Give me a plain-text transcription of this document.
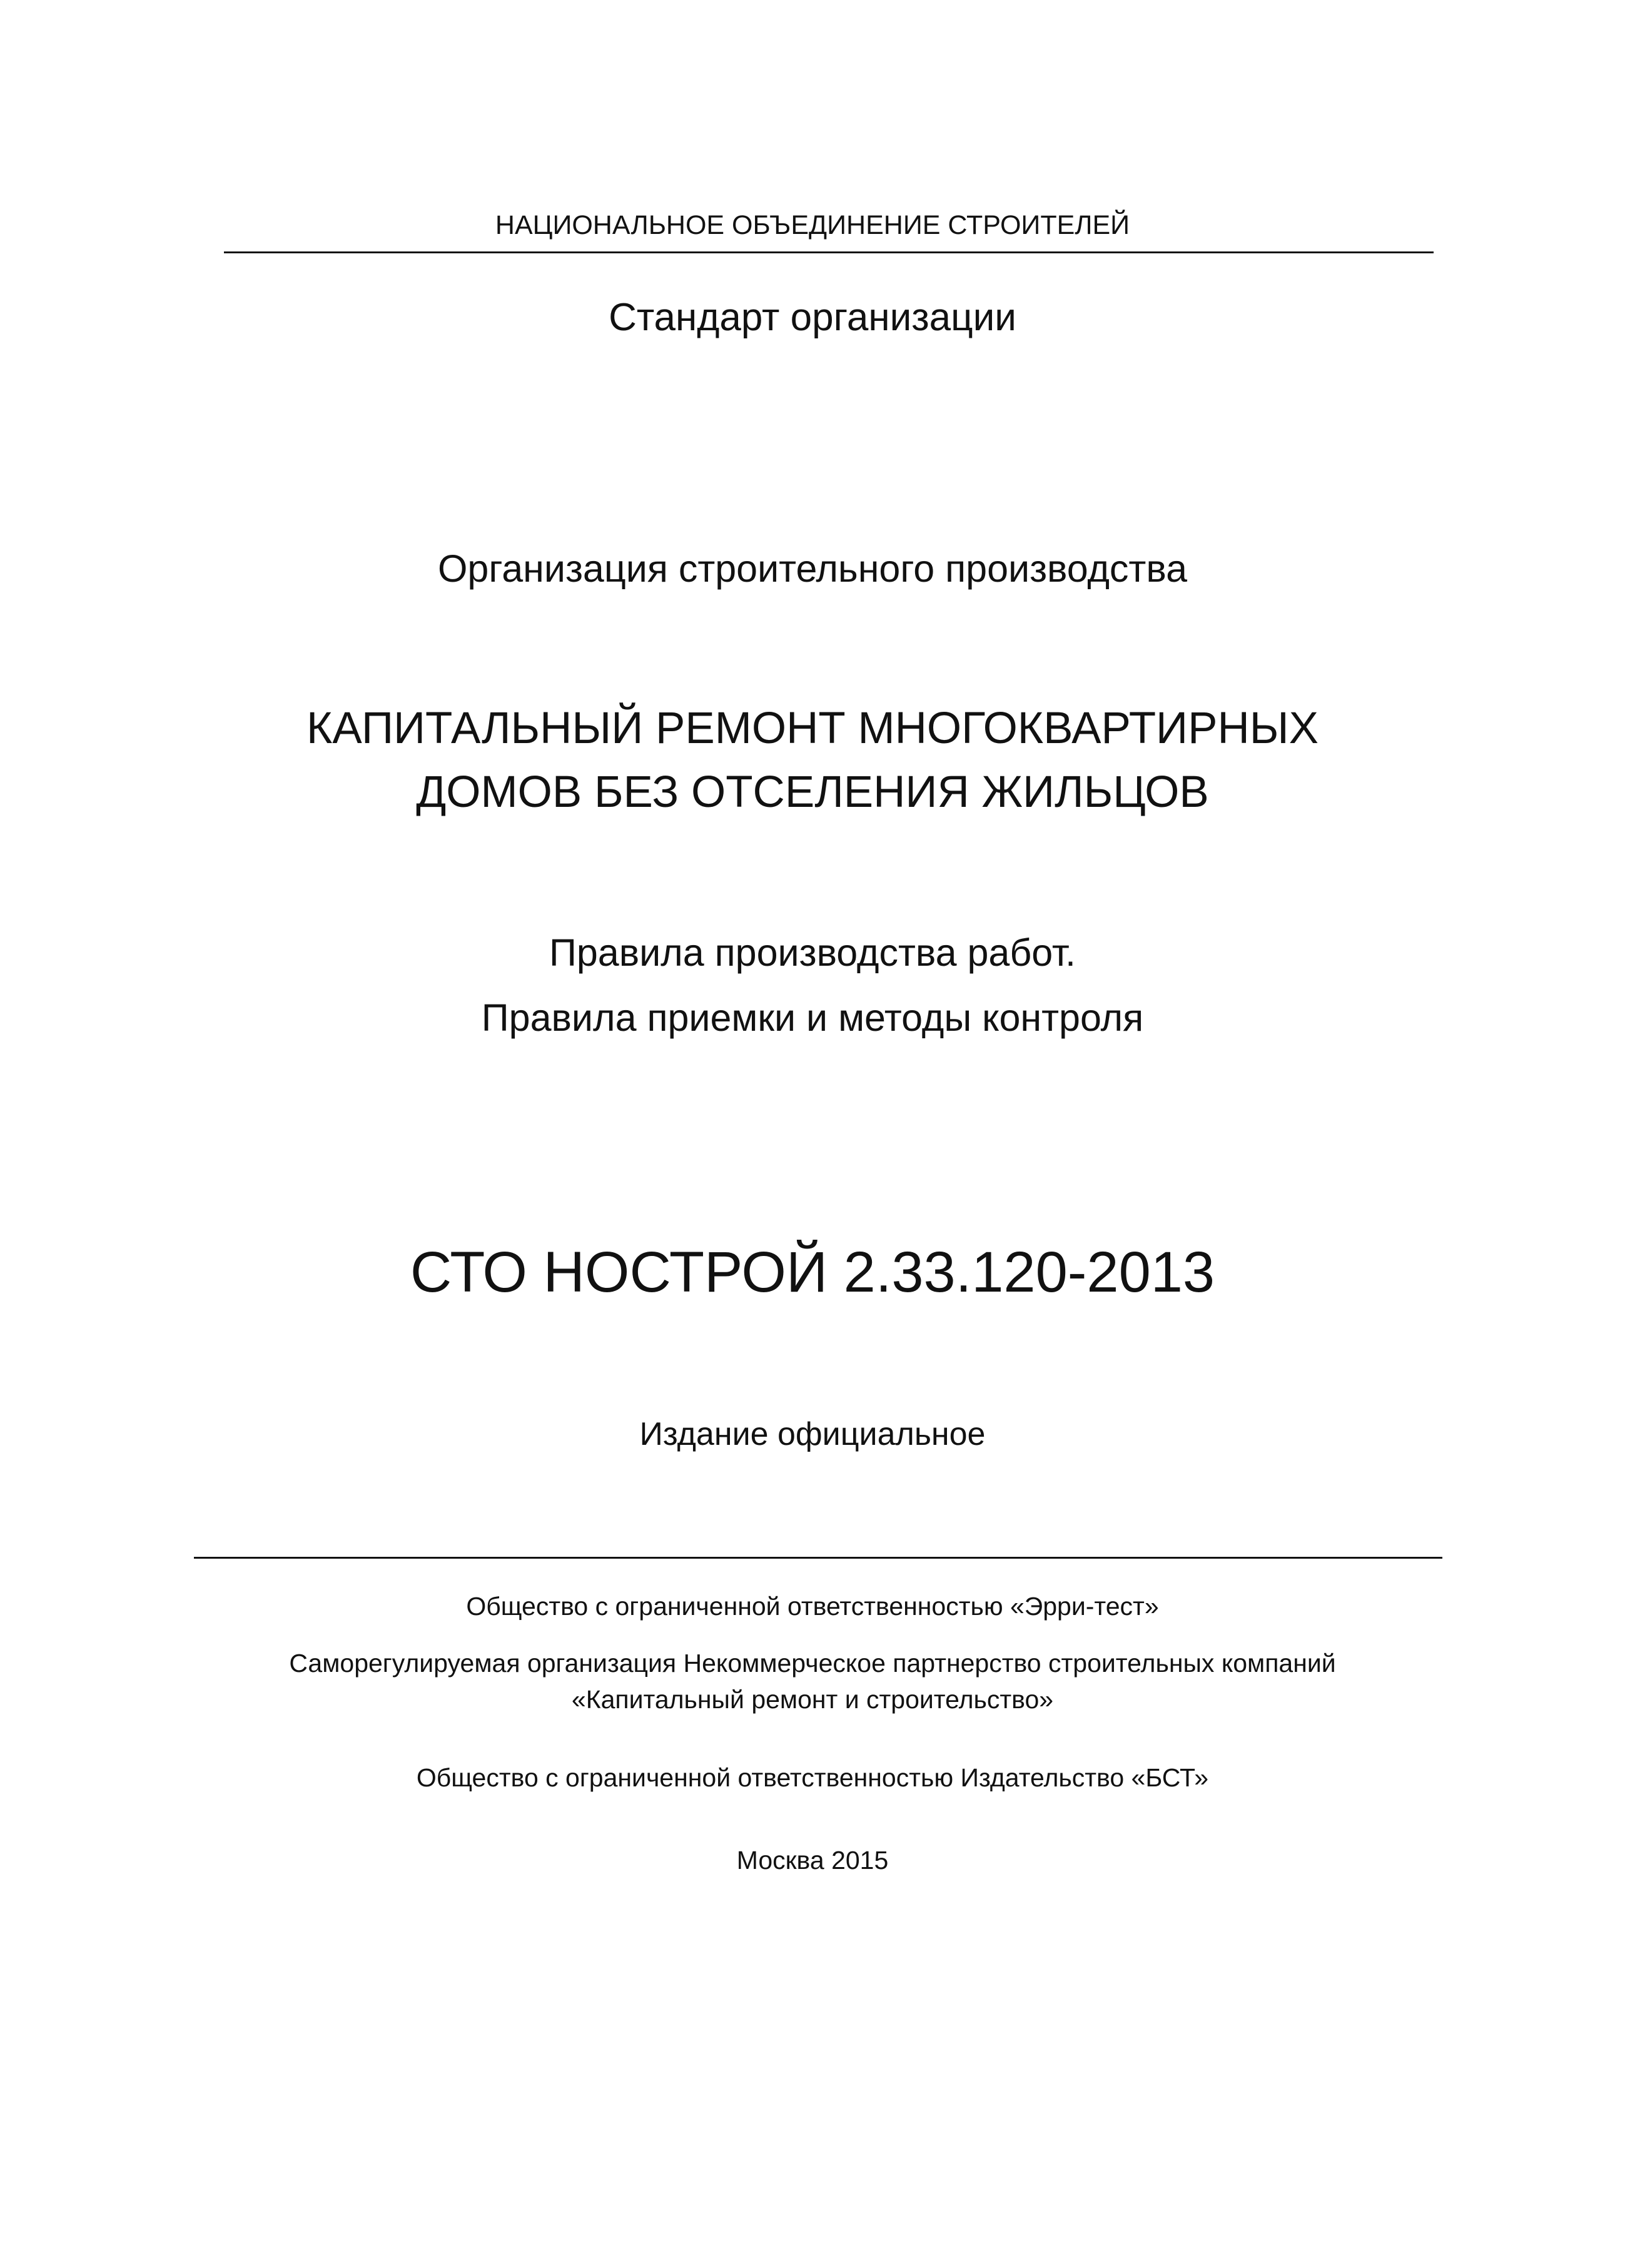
НАЦИОНАЛЬНОЕ ОБЪЕДИНЕНИЕ СТРОИТЕЛЕЙ
Стандарт организации
Организация строительного производства
КАПИТАЛЬНЫЙ РЕМОНТ МНОГОКВАРТИРНЫХ
ДОМОВ БЕЗ ОТСЕЛЕНИЯ ЖИЛЬЦОВ
Правила производства работ.
Правила приемки и методы контроля
СТО НОСТРОЙ 2.33.120-2013
Издание официальное
Общество с ограниченной ответственностью «Эрри-тест»
Саморегулируемая организация Некоммерческое партнерство строительных компаний
«Капитальный ремонт и строительство»
Общество с ограниченной ответственностью Издательство «БСТ»
Москва 2015
